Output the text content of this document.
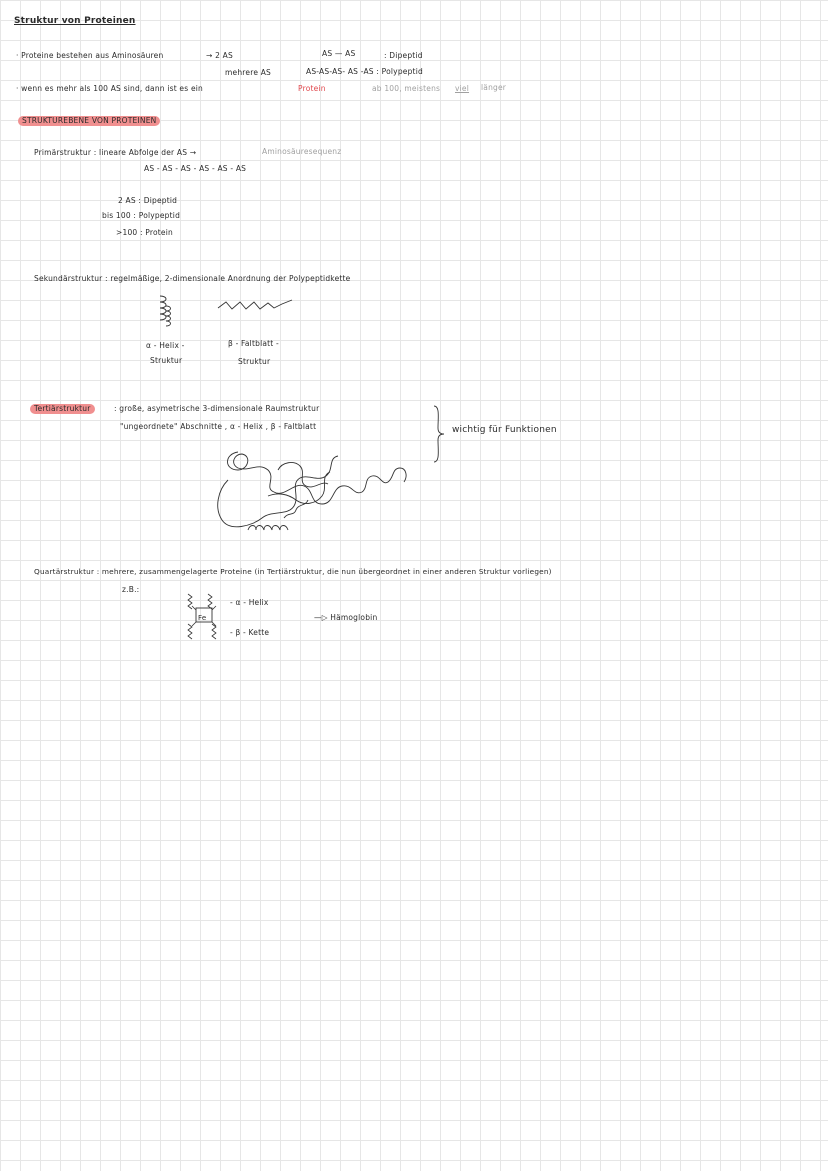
Struktur von Proteinen
· Proteine bestehen aus Aminosäuren	→ 2 AS	AS — AS	: Dipeptid
mehrere AS	AS-AS-AS- AS -AS : Polypeptid
· wenn es mehr als 100 AS sind, dann ist es ein	Protein	ab 100, meistens viel länger
STRUKTUREBENE VON PROTEINEN
Primärstruktur : lineare Abfolge der AS →	Aminosäuresequenz
AS - AS - AS - AS - AS - AS
2 AS : Dipeptid
bis 100 : Polypeptid
>100 : Protein
Sekundärstruktur : regelmäßige, 2-dimensionale Anordnung der Polypeptidkette
α - Helix -
Struktur
β - Faltblatt -
Struktur
Tertiärstruktur	: große, asymetrische 3-dimensionale Raumstruktur
"ungeordnete" Abschnitte , α - Helix , β - Faltblatt	wichtig für Funktionen
Quartärstruktur : mehrere, zusammengelagerte Proteine (in Tertiärstruktur, die nun übergeordnet in einer anderen Struktur vorliegen)
z.B.:
Fe
- α - Helix
- β - Kette
—▷ Hämoglobin
